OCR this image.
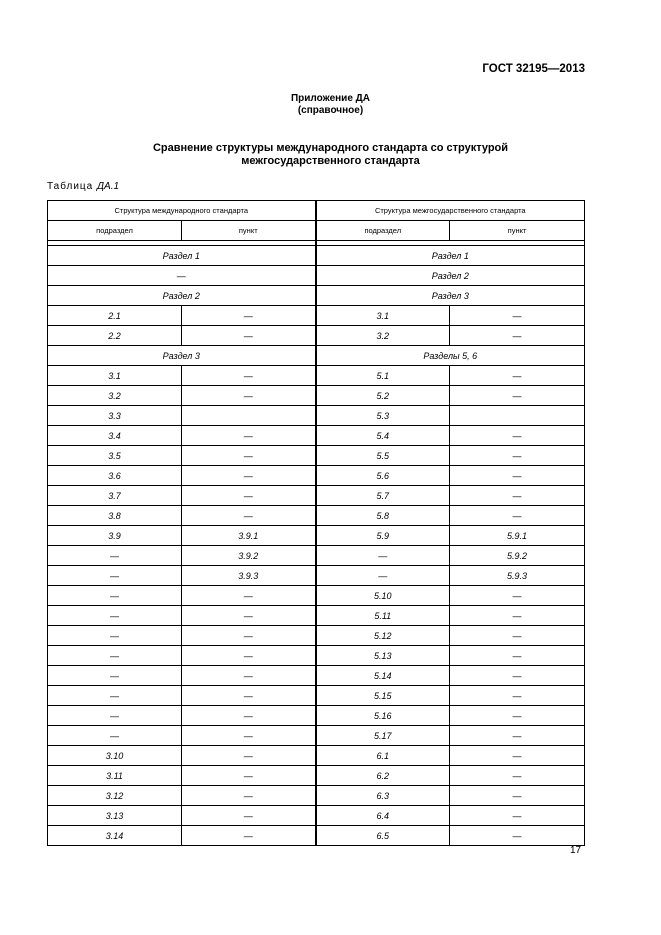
ГОСТ 32195—2013
Приложение ДА
(справочное)
Сравнение структуры международного стандарта со структурой
межгосударственного стандарта
Таблица ДА.1
Структура международного стандарта		Структура межгосударственного стандарта	
подраздел	пункт	подраздел	пункт

Раздел 1		Раздел 1	
—		Раздел 2	
Раздел 2		Раздел 3	
2.1	—	3.1	—
2.2	—	3.2	—
Раздел 3		Разделы 5, 6	
3.1	—	5.1	—
3.2	—	5.2	—
3.3		5.3	
3.4	—	5.4	—
3.5	—	5.5	—
3.6	—	5.6	—
3.7	—	5.7	—
3.8	—	5.8	—
3.9	3.9.1	5.9	5.9.1
—	3.9.2	—	5.9.2
—	3.9.3	—	5.9.3
—	—	5.10	—
—	—	5.11	—
—	—	5.12	—
—	—	5.13	—
—	—	5.14	—
—	—	5.15	—
—	—	5.16	—
—	—	5.17	—
3.10	—	6.1	—
3.11	—	6.2	—
3.12	—	6.3	—
3.13	—	6.4	—
3.14	—	6.5	—
17
